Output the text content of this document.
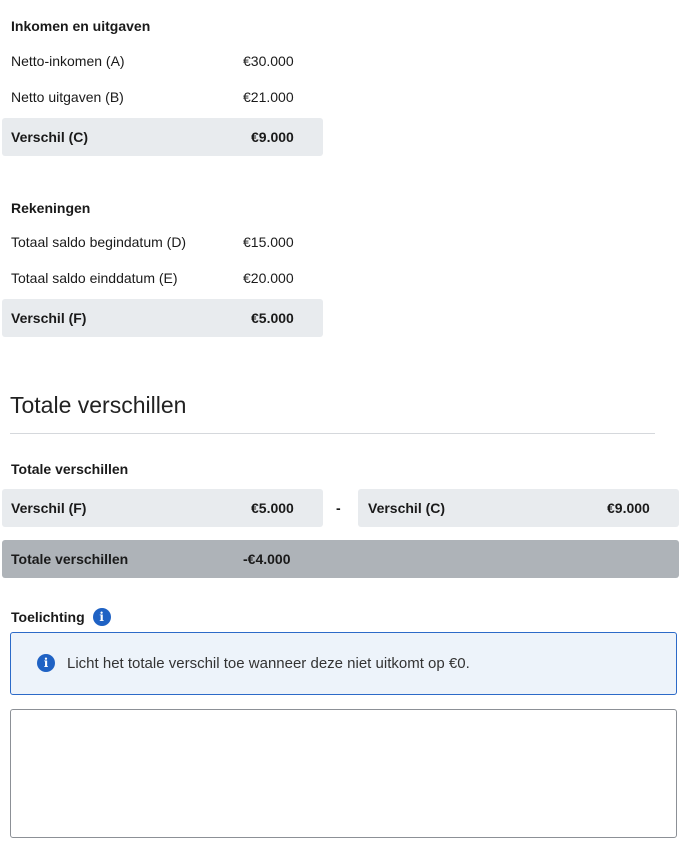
Inkomen en uitgaven
Netto-inkomen (A)	€30.000
Netto uitgaven (B)	€21.000
Verschil (C)	€9.000
Rekeningen
Totaal saldo begindatum (D)	€15.000
Totaal saldo einddatum (E)	€20.000
Verschil (F)	€5.000
Totale verschillen
Totale verschillen
Verschil (F)	€5.000	- Verschil (C)	€9.000
Totale verschillen	-€4.000
Toelichting	i
i	Licht het totale verschil toe wanneer deze niet uitkomt op €0.
